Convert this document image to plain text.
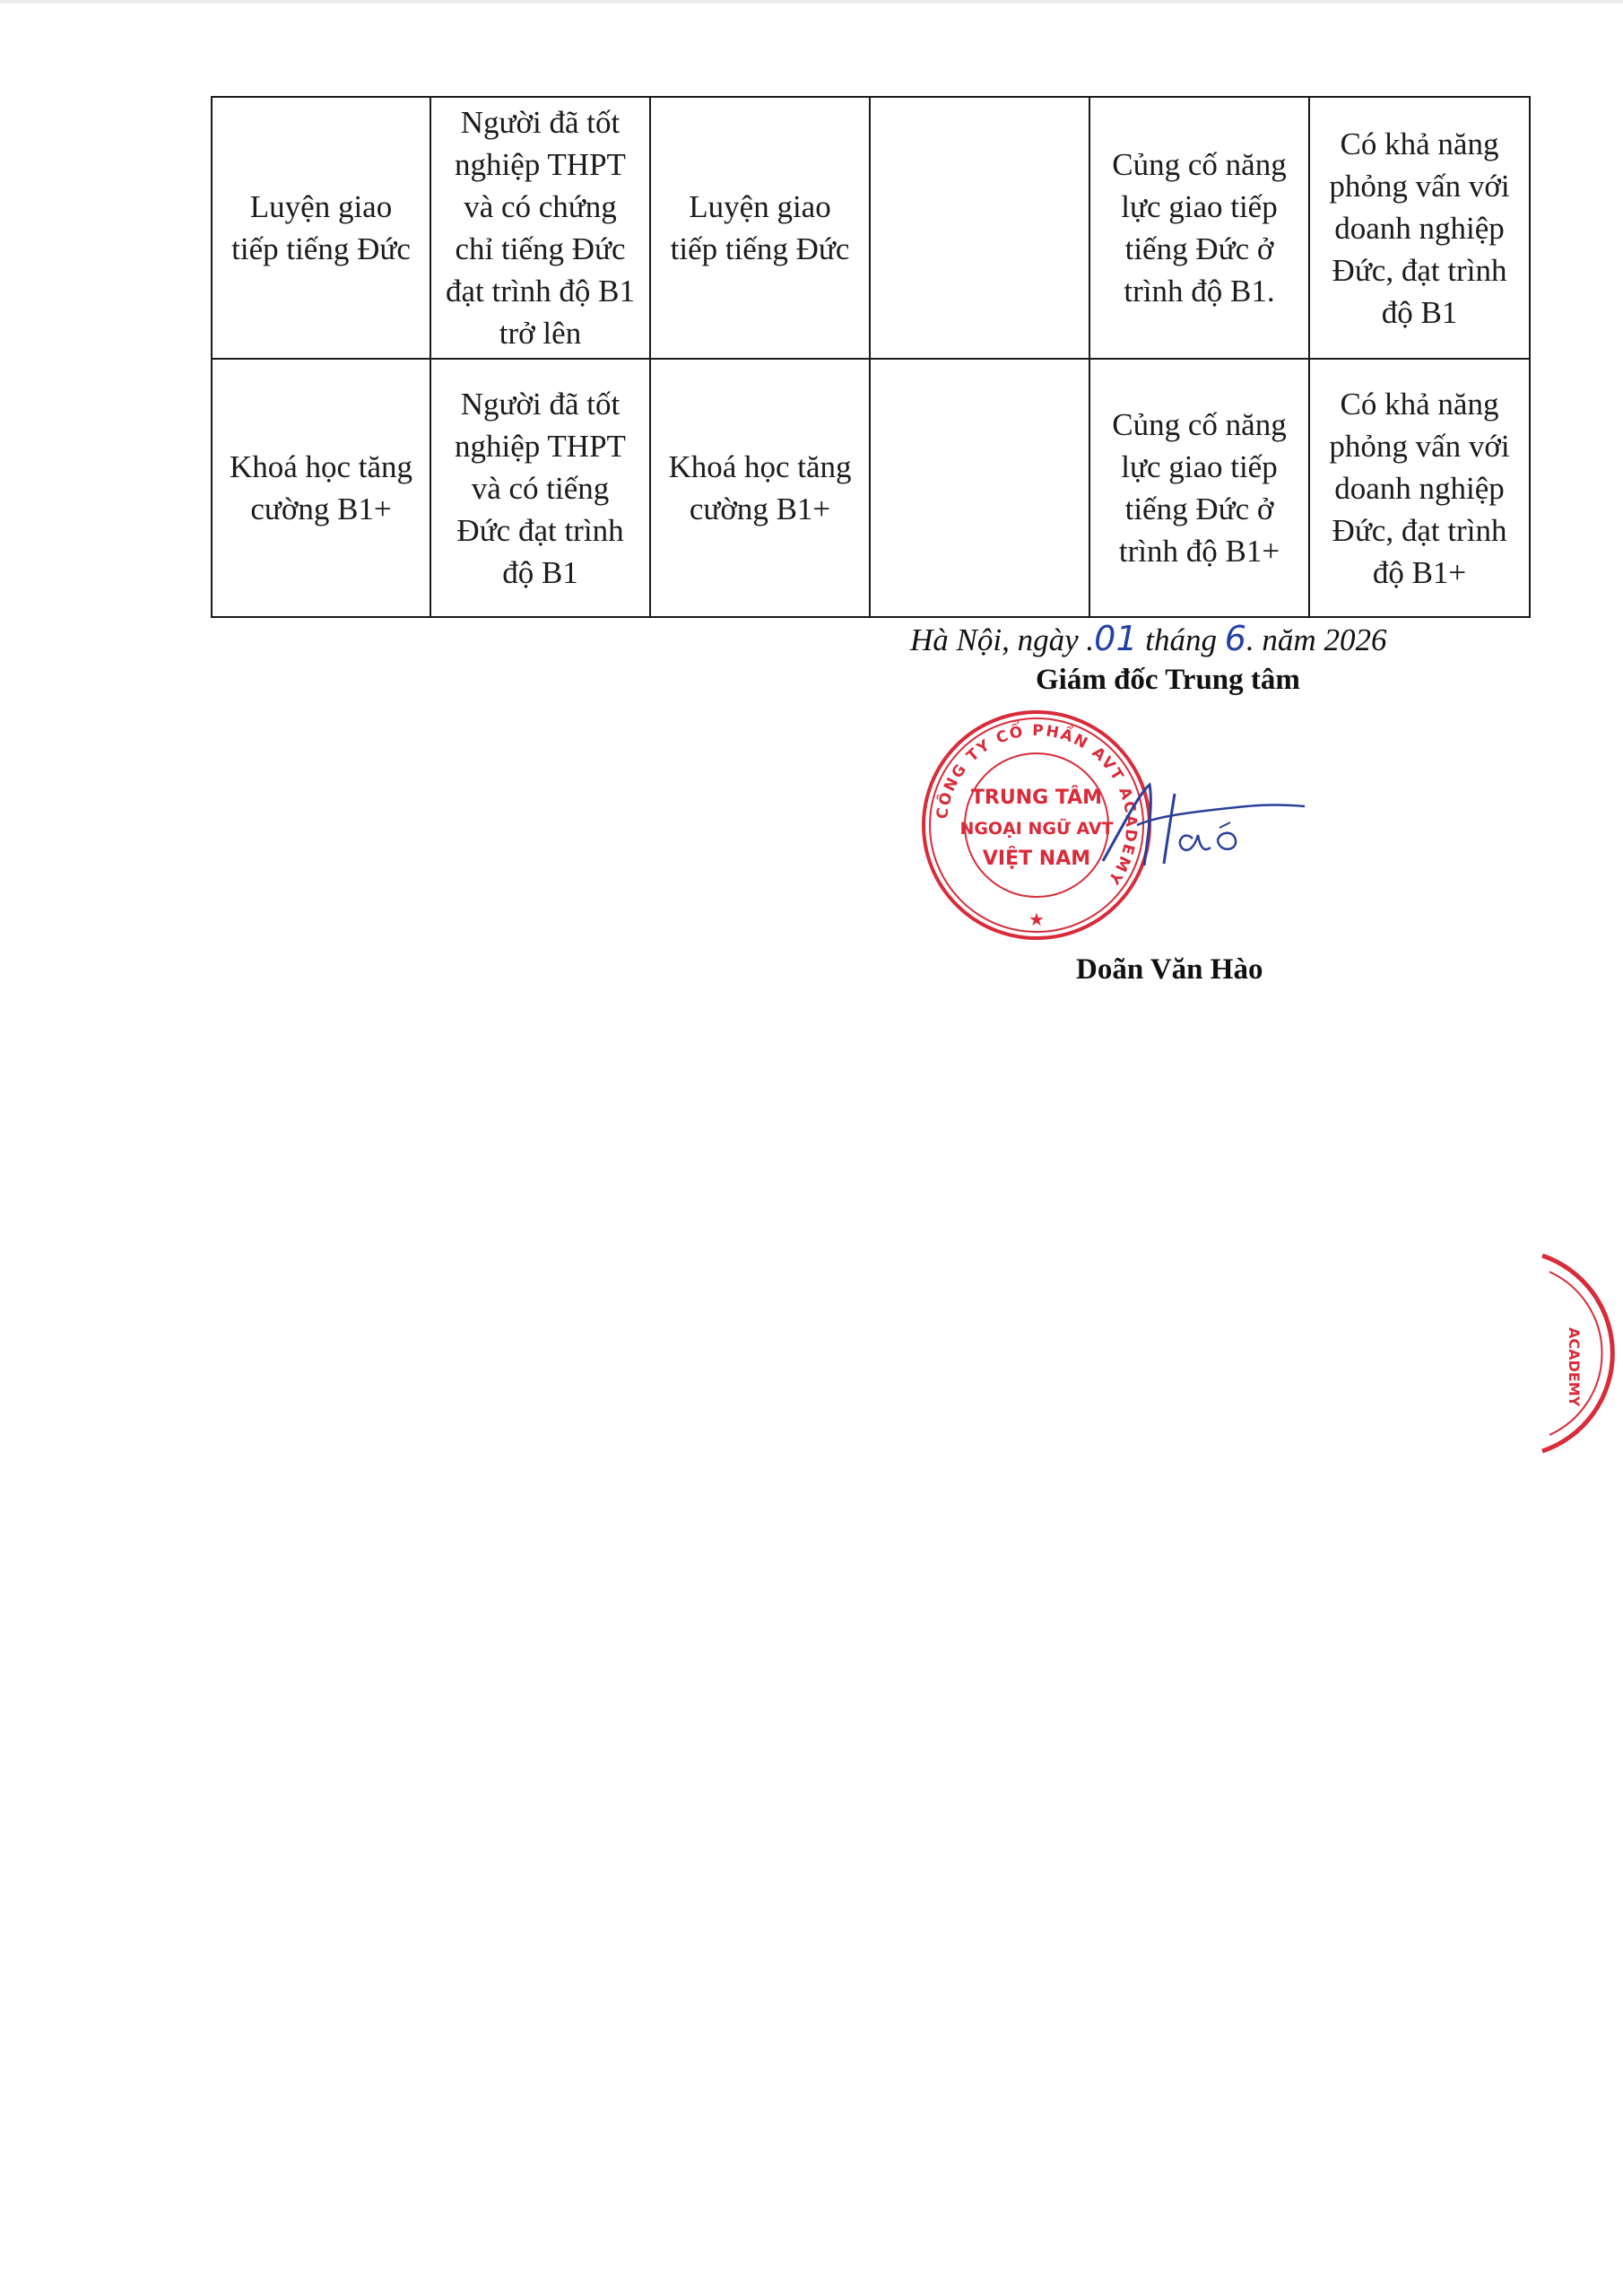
Luyện giao tiếp tiếng Đức	Người đã tốt nghiệp THPT và có chứng chỉ tiếng Đức đạt trình độ B1 trở lên	Luyện giao tiếp tiếng Đức		Củng cố năng lực giao tiếp tiếng Đức ở trình độ B1.	Có khả năng phỏng vấn với doanh nghiệp Đức, đạt trình độ B1
Khoá học tăng cường B1+	Người đã tốt nghiệp THPT và có tiếng Đức đạt trình độ B1	Khoá học tăng cường B1+		Củng cố năng lực giao tiếp tiếng Đức ở trình độ B1+	Có khả năng phỏng vấn với doanh nghiệp Đức, đạt trình độ B1+
Hà Nội, ngày .01 tháng 6. năm 2026
Giám đốc Trung tâm
CÔNG TY CỔ PHẦN AVT ACADEMY
TRUNG TÂM
NGOẠI NGỮ AVT
VIỆT NAM
★
Doãn Văn Hào
ACADEMY
